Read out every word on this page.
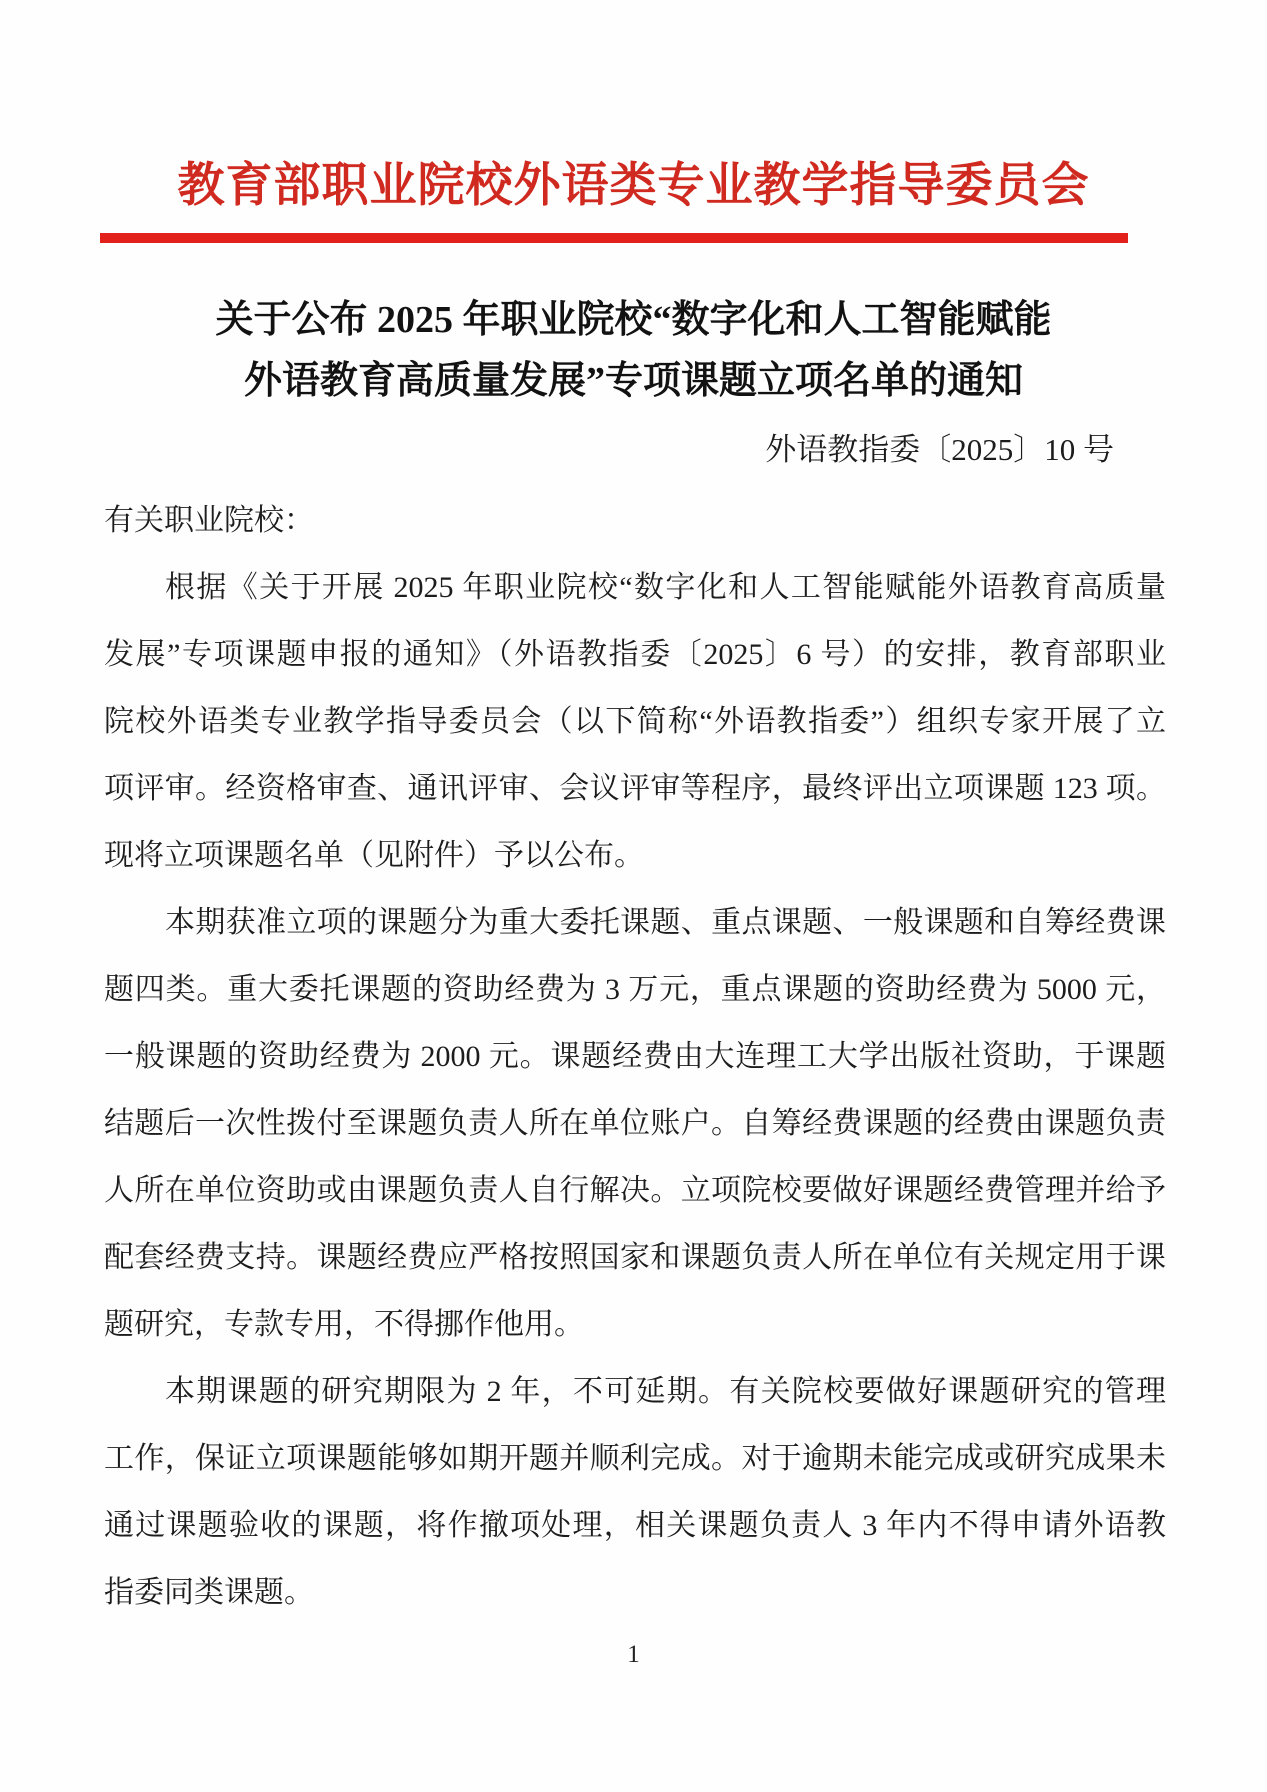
教育部职业院校外语类专业教学指导委员会
关于公布 2025 年职业院校“数字化和人工智能赋能
外语教育高质量发展”专项课题立项名单的通知
外语教指委〔2025〕10 号
有关职业院校：
根据《关于开展 2025 年职业院校“数字化和人工智能赋能外语教育高质量
发展”专项课题申报的通知》（外语教指委〔2025〕6 号）的安排，教育部职业
院校外语类专业教学指导委员会（以下简称“外语教指委”）组织专家开展了立
项评审。经资格审查、通讯评审、会议评审等程序，最终评出立项课题 123 项。
现将立项课题名单（见附件）予以公布。
本期获准立项的课题分为重大委托课题、重点课题、一般课题和自筹经费课
题四类。重大委托课题的资助经费为 3 万元，重点课题的资助经费为 5000 元，
一般课题的资助经费为 2000 元。课题经费由大连理工大学出版社资助，于课题
结题后一次性拨付至课题负责人所在单位账户。自筹经费课题的经费由课题负责
人所在单位资助或由课题负责人自行解决。立项院校要做好课题经费管理并给予
配套经费支持。课题经费应严格按照国家和课题负责人所在单位有关规定用于课
题研究，专款专用，不得挪作他用。
本期课题的研究期限为 2 年，不可延期。有关院校要做好课题研究的管理
工作，保证立项课题能够如期开题并顺利完成。对于逾期未能完成或研究成果未
通过课题验收的课题，将作撤项处理，相关课题负责人 3 年内不得申请外语教
指委同类课题。
1
